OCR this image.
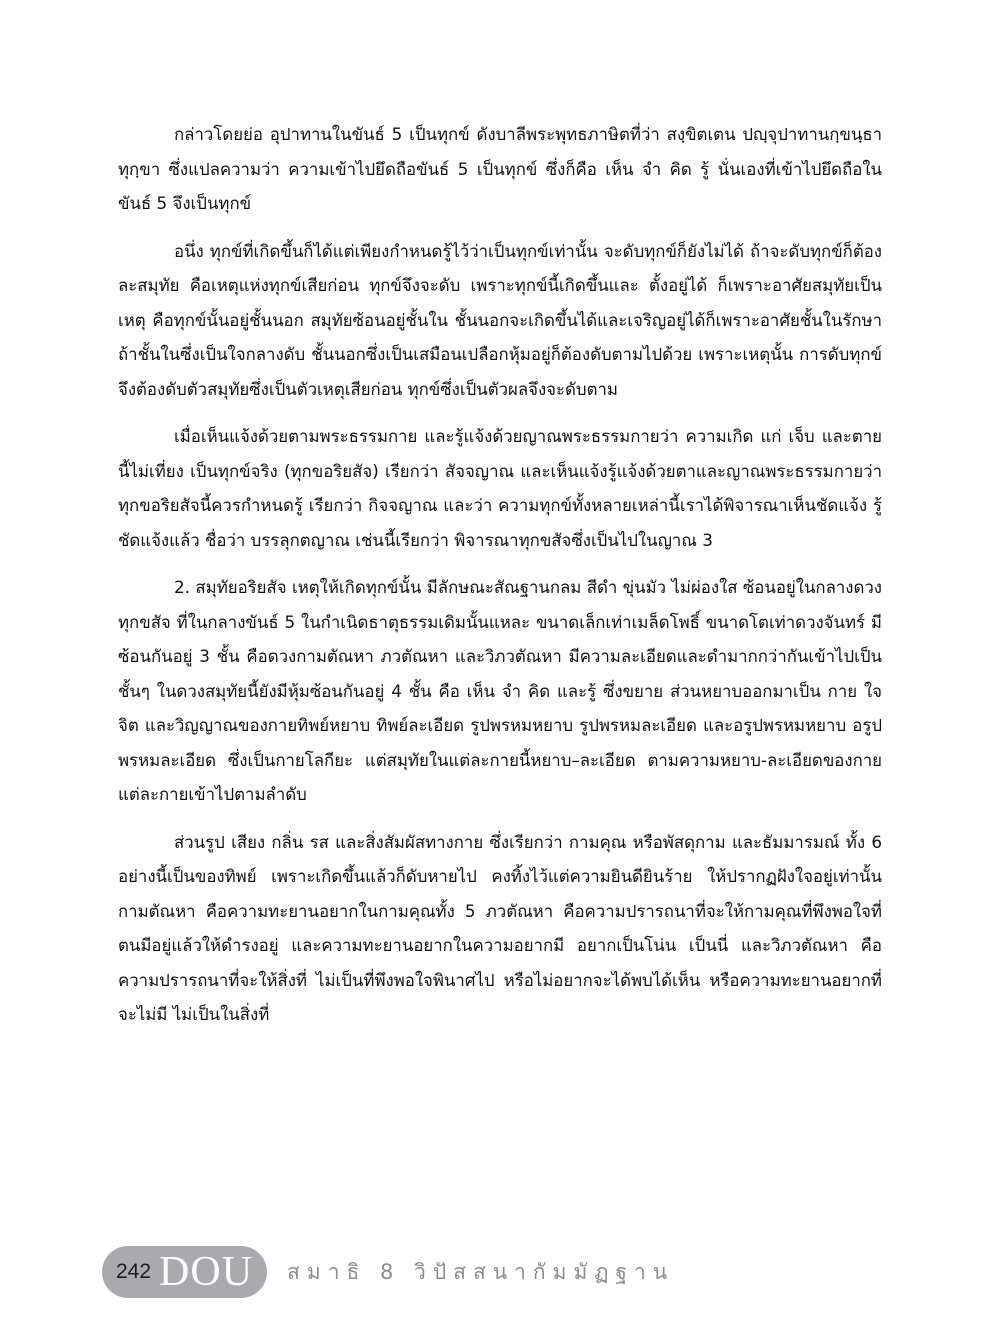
กล่าวโดยย่อ อุปาทานในขันธ์ 5 เป็นทุกข์ ดังบาลีพระพุทธภาษิตที่ว่า สงฺขิตเตน ปญฺจุปาทานกฺขนฺธา ทุกฺขา ซึ่งแปลความว่า ความเข้าไปยึดถือขันธ์ 5 เป็นทุกข์ ซึ่งก็คือ เห็น จำ คิด รู้ นั่นเองที่เข้าไปยึดถือในขันธ์ 5 จึงเป็นทุกข์

อนึ่ง ทุกข์ที่เกิดขึ้นก็ได้แต่เพียงกำหนดรู้ไว้ว่าเป็นทุกข์เท่านั้น จะดับทุกข์ก็ยังไม่ได้ ถ้าจะดับทุกข์ก็ต้องละสมุทัย คือเหตุแห่งทุกข์เสียก่อน ทุกข์จึงจะดับ เพราะทุกข์นี้เกิดขึ้นและ ตั้งอยู่ได้ ก็เพราะอาศัยสมุทัยเป็นเหตุ คือทุกข์นั้นอยู่ชั้นนอก สมุทัยซ้อนอยู่ชั้นใน ชั้นนอกจะเกิดขึ้นได้และเจริญอยู่ได้ก็เพราะอาศัยชั้นในรักษา ถ้าชั้นในซึ่งเป็นใจกลางดับ ชั้นนอกซึ่งเป็นเสมือนเปลือกหุ้มอยู่ก็ต้องดับตามไปด้วย เพราะเหตุนั้น การดับทุกข์จึงต้องดับตัวสมุทัยซึ่งเป็นตัวเหตุเสียก่อน ทุกข์ซึ่งเป็นตัวผลจึงจะดับตาม

เมื่อเห็นแจ้งด้วยตามพระธรรมกาย และรู้แจ้งด้วยญาณพระธรรมกายว่า ความเกิด แก่ เจ็บ และตายนี้ไม่เที่ยง เป็นทุกข์จริง (ทุกขอริยสัจ) เรียกว่า สัจจญาณ และเห็นแจ้งรู้แจ้งด้วยตาและญาณพระธรรมกายว่า ทุกขอริยสัจนี้ควรกำหนดรู้ เรียกว่า กิจจญาณ และว่า ความทุกข์ทั้งหลายเหล่านี้เราได้พิจารณาเห็นชัดแจ้ง รู้ชัดแจ้งแล้ว ชื่อว่า บรรลุกตญาณ เช่นนี้เรียกว่า พิจารณาทุกขสัจซึ่งเป็นไปในญาณ 3

2. สมุทัยอริยสัจ เหตุให้เกิดทุกข์นั้น มีลักษณะสัณฐานกลม สีดำ ขุ่นมัว ไม่ผ่องใส ซ้อนอยู่ในกลางดวงทุกขสัจ ที่ในกลางขันธ์ 5 ในกำเนิดธาตุธรรมเดิมนั้นแหละ ขนาดเล็กเท่าเมล็ดโพธิ์ ขนาดโตเท่าดวงจันทร์ มีซ้อนกันอยู่ 3 ชั้น คือดวงกามตัณหา ภวตัณหา และวิภวตัณหา มีความละเอียดและดำมากกว่ากันเข้าไปเป็นชั้นๆ ในดวงสมุทัยนี้ยังมีหุ้มซ้อนกันอยู่ 4 ชั้น คือ เห็น จำ คิด และรู้ ซึ่งขยาย ส่วนหยาบออกมาเป็น กาย ใจ จิต และวิญญาณของกายทิพย์หยาบ ทิพย์ละเอียด รูปพรหมหยาบ รูปพรหมละเอียด และอรูปพรหมหยาบ อรูปพรหมละเอียด ซึ่งเป็นกายโลกียะ แต่สมุทัยในแต่ละกายนี้หยาบ–ละเอียด ตามความหยาบ-ละเอียดของกายแต่ละกายเข้าไปตามลำดับ

ส่วนรูป เสียง กลิ่น รส และสิ่งสัมผัสทางกาย ซึ่งเรียกว่า กามคุณ หรือพัสดุกาม และธัมมารมณ์ ทั้ง 6 อย่างนี้เป็นของทิพย์ เพราะเกิดขึ้นแล้วก็ดับหายไป คงทิ้งไว้แต่ความยินดียินร้าย ให้ปรากฏฝังใจอยู่เท่านั้น กามตัณหา คือความทะยานอยากในกามคุณทั้ง 5 ภวตัณหา คือความปรารถนาที่จะให้กามคุณที่พึงพอใจที่ตนมีอยู่แล้วให้ดำรงอยู่ และความทะยานอยากในความอยากมี อยากเป็นโน่น เป็นนี่ และวิภวตัณหา คือความปรารถนาที่จะให้สิ่งที่ ไม่เป็นที่พึงพอใจพินาศไป หรือไม่อยากจะได้พบได้เห็น หรือความทะยานอยากที่จะไม่มี ไม่เป็นในสิ่งที่

242 DOU สมาธิ 8 วิปัสสนากัมมัฏฐาน
